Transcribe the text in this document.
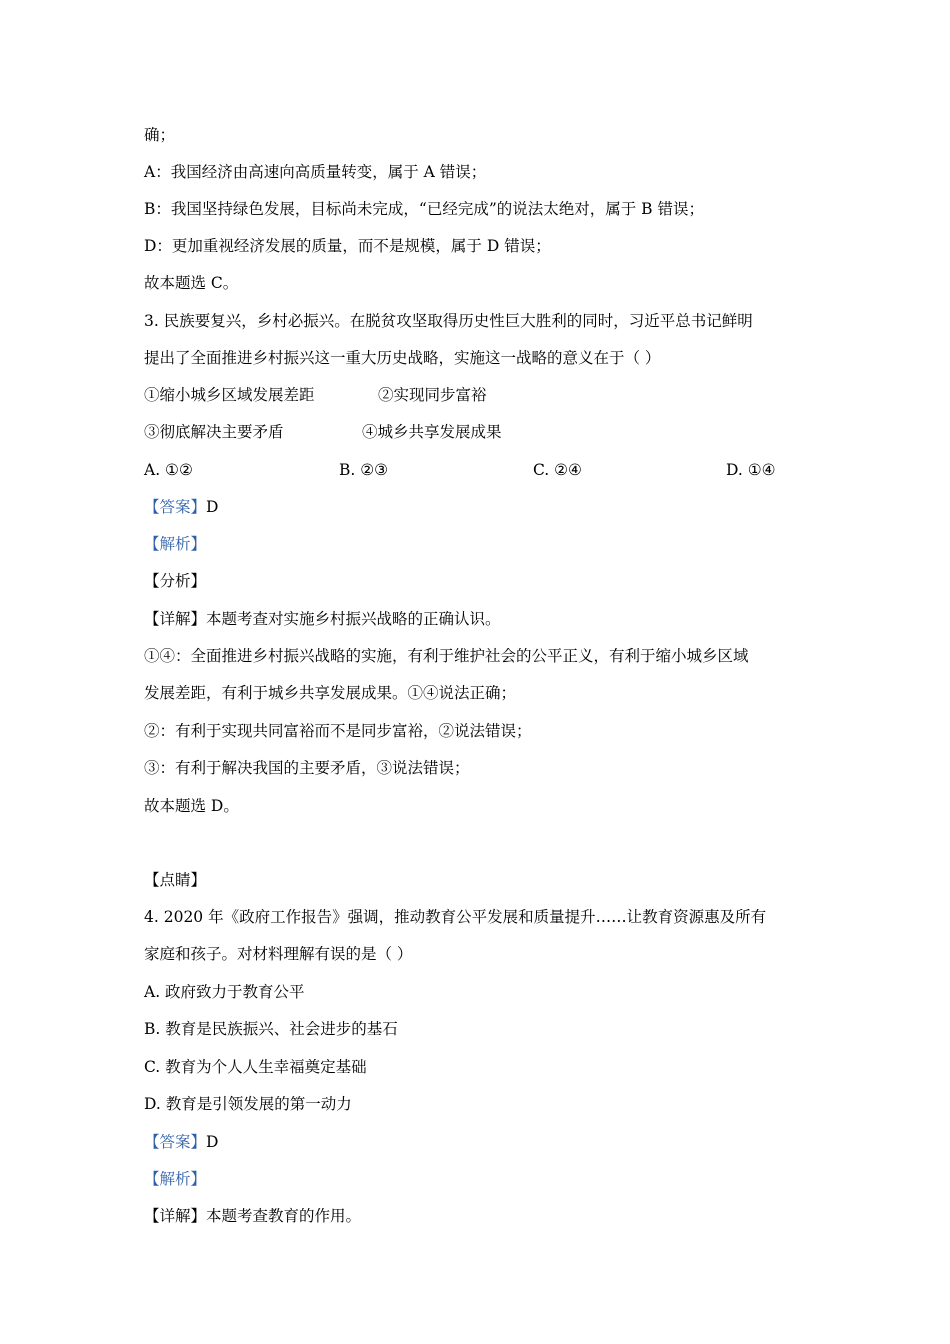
确；
A：我国经济由高速向高质量转变，属于 A 错误；
B：我国坚持绿色发展，目标尚未完成，“已经完成”的说法太绝对，属于 B 错误；
D：更加重视经济发展的质量，而不是规模，属于 D 错误；
故本题选 C。
3. 民族要复兴，乡村必振兴。在脱贫攻坚取得历史性巨大胜利的同时，习近平总书记鲜明
提出了全面推进乡村振兴这一重大历史战略，实施这一战略的意义在于（ ）
①缩小城乡区域发展差距	②实现同步富裕
③彻底解决主要矛盾	④城乡共享发展成果
A. ①②	B. ②③	C. ②④	D. ①④
【答案】D
【解析】
【分析】
【详解】本题考查对实施乡村振兴战略的正确认识。
①④：全面推进乡村振兴战略的实施，有利于维护社会的公平正义，有利于缩小城乡区域
发展差距，有利于城乡共享发展成果。①④说法正确；
②：有利于实现共同富裕而不是同步富裕，②说法错误；
③：有利于解决我国的主要矛盾，③说法错误；
故本题选 D。
【点睛】
4. 2020 年《政府工作报告》强调，推动教育公平发展和质量提升……让教育资源惠及所有
家庭和孩子。对材料理解有误的是（ ）
A. 政府致力于教育公平
B. 教育是民族振兴、社会进步的基石
C. 教育为个人人生幸福奠定基础
D. 教育是引领发展的第一动力
【答案】D
【解析】
【详解】本题考查教育的作用。
